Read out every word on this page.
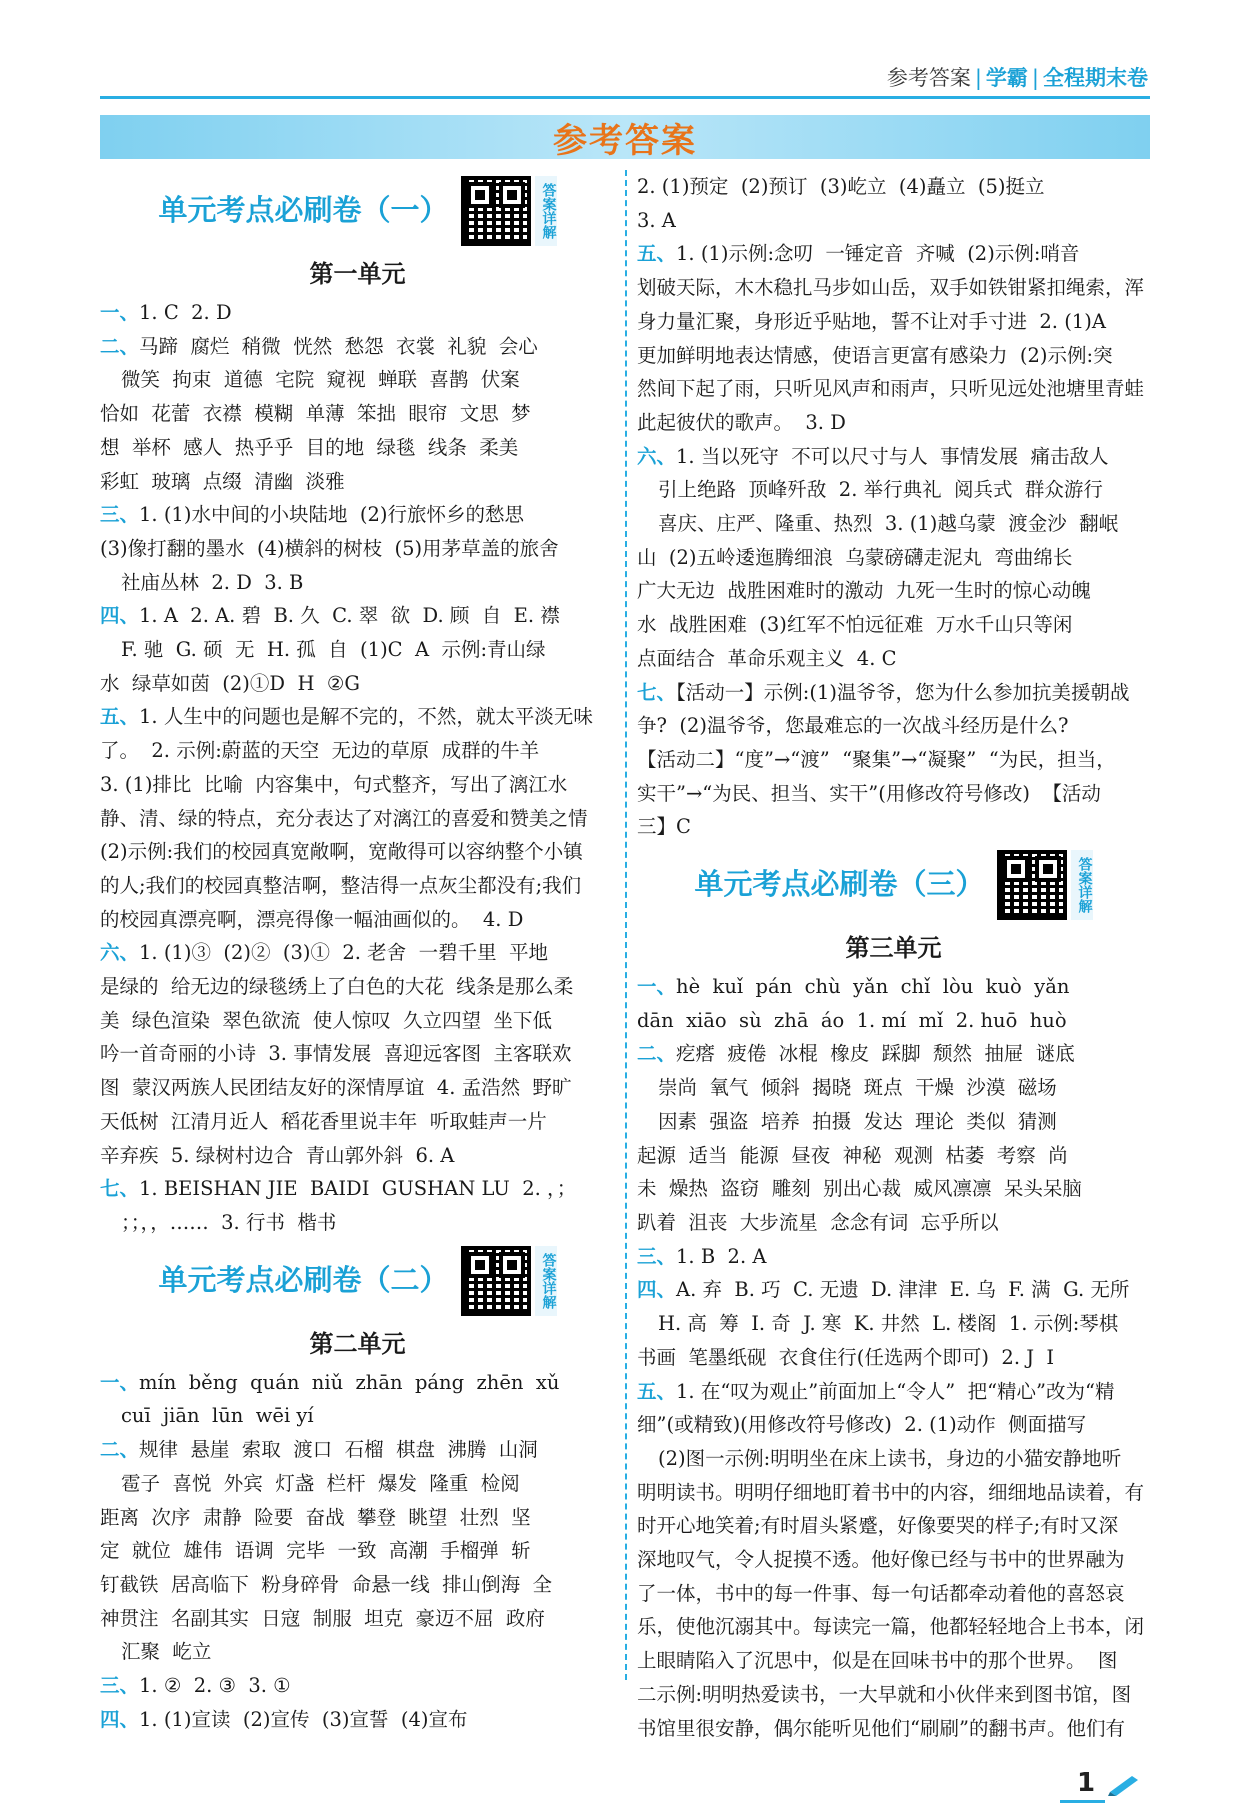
参考答案 | 学霸 | 全程期末卷
参考答案
单元考点必刷卷（一）	答案详解
第一单元
一、1. C  2. D
二、马蹄  腐烂  稍微  恍然  愁怨  衣裳  礼貌  会心
微笑  拘束  道德  宅院  窥视  蝉联  喜鹊  伏案
恰如  花蕾  衣襟  模糊  单薄  笨拙  眼帘  文思  梦
想  举杯  感人  热乎乎  目的地  绿毯  线条  柔美
彩虹  玻璃  点缀  清幽  淡雅
三、1. (1)水中间的小块陆地  (2)行旅怀乡的愁思
(3)像打翻的墨水  (4)横斜的树枝  (5)用茅草盖的旅舍
社庙丛林  2. D  3. B
四、1. A  2. A. 碧  B. 久  C. 翠  欲  D. 顾  自  E. 襟
F. 驰  G. 硕  无  H. 孤  自  (1)C  A  示例:青山绿
水  绿草如茵  (2)①D  H  ②G
五、1. 人生中的问题也是解不完的，不然，就太平淡无味
了。  2. 示例:蔚蓝的天空  无边的草原  成群的牛羊
3. (1)排比  比喻  内容集中，句式整齐，写出了漓江水
静、清、绿的特点，充分表达了对漓江的喜爱和赞美之情
(2)示例:我们的校园真宽敞啊，宽敞得可以容纳整个小镇
的人;我们的校园真整洁啊，整洁得一点灰尘都没有;我们
的校园真漂亮啊，漂亮得像一幅油画似的。  4. D
六、1. (1)③  (2)②  (3)①  2. 老舍  一碧千里  平地
是绿的  给无边的绿毯绣上了白色的大花  线条是那么柔
美  绿色渲染  翠色欲流  使人惊叹  久立四望  坐下低
吟一首奇丽的小诗  3. 事情发展  喜迎远客图  主客联欢
图  蒙汉两族人民团结友好的深情厚谊  4. 孟浩然  野旷
天低树  江清月近人  稻花香里说丰年  听取蛙声一片
辛弃疾  5. 绿树村边合  青山郭外斜  6. A
七、1. BEISHAN JIE  BAIDI  GUSHAN LU  2. ，；
；；，，……  3. 行书  楷书
单元考点必刷卷（二）	答案详解
第二单元
一、mín  běng  quán  niǔ  zhān  páng  zhēn  xǔ
cuī  jiān  lūn  wēi yí
二、规律  悬崖  索取  渡口  石榴  棋盘  沸腾  山洞
雹子  喜悦  外宾  灯盏  栏杆  爆发  隆重  检阅
距离  次序  肃静  险要  奋战  攀登  眺望  壮烈  坚
定  就位  雄伟  语调  完毕  一致  高潮  手榴弹  斩
钉截铁  居高临下  粉身碎骨  命悬一线  排山倒海  全
神贯注  名副其实  日寇  制服  坦克  豪迈不屈  政府
汇聚  屹立
三、1. ②  2. ③  3. ①
四、1. (1)宣读  (2)宣传  (3)宣誓  (4)宣布
2. (1)预定  (2)预订  (3)屹立  (4)矗立  (5)挺立
3. A
五、1. (1)示例:念叨  一锤定音  齐喊  (2)示例:哨音
划破天际，木木稳扎马步如山岳，双手如铁钳紧扣绳索，浑
身力量汇聚，身形近乎贴地，誓不让对手寸进  2. (1)A
更加鲜明地表达情感，使语言更富有感染力  (2)示例:突
然间下起了雨，只听见风声和雨声，只听见远处池塘里青蛙
此起彼伏的歌声。  3. D
六、1. 当以死守  不可以尺寸与人  事情发展  痛击敌人
引上绝路  顶峰歼敌  2. 举行典礼  阅兵式  群众游行
喜庆、庄严、隆重、热烈  3. (1)越乌蒙  渡金沙  翻岷
山  (2)五岭逶迤腾细浪  乌蒙磅礴走泥丸  弯曲绵长
广大无边  战胜困难时的激动  九死一生时的惊心动魄
水  战胜困难  (3)红军不怕远征难  万水千山只等闲
点面结合  革命乐观主义  4. C
七、【活动一】示例:(1)温爷爷，您为什么参加抗美援朝战
争?  (2)温爷爷，您最难忘的一次战斗经历是什么?
【活动二】“度”→“渡”  “聚集”→“凝聚”  “为民，担当，
实干”→“为民、担当、实干”(用修改符号修改)  【活动
三】C
单元考点必刷卷（三）	答案详解
第三单元
一、hè  kuǐ  pán  chù  yǎn  chǐ  lòu  kuò  yǎn
dān  xiāo  sù  zhā  áo  1. mí  mǐ  2. huō  huò
二、疙瘩  疲倦  冰棍  橡皮  踩脚  颓然  抽屉  谜底
崇尚  氧气  倾斜  揭晓  斑点  干燥  沙漠  磁场
因素  强盗  培养  拍摄  发达  理论  类似  猜测
起源  适当  能源  昼夜  神秘  观测  枯萎  考察  尚
未  燥热  盗窃  雕刻  别出心裁  威风凛凛  呆头呆脑
趴着  沮丧  大步流星  念念有词  忘乎所以
三、1. B  2. A
四、A. 弃  B. 巧  C. 无遗  D. 津津  E. 乌  F. 满  G. 无所
H. 高  筹  I. 奇  J. 寒  K. 井然  L. 楼阁  1. 示例:琴棋
书画  笔墨纸砚  衣食住行(任选两个即可)  2. J  I
五、1. 在“叹为观止”前面加上“令人”  把“精心”改为“精
细”(或精致)(用修改符号修改)  2. (1)动作  侧面描写
(2)图一示例:明明坐在床上读书，身边的小猫安静地听
明明读书。明明仔细地盯着书中的内容，细细地品读着，有
时开心地笑着;有时眉头紧蹙，好像要哭的样子;有时又深
深地叹气，令人捉摸不透。他好像已经与书中的世界融为
了一体，书中的每一件事、每一句话都牵动着他的喜怒哀
乐，使他沉溺其中。每读完一篇，他都轻轻地合上书本，闭
上眼睛陷入了沉思中，似是在回味书中的那个世界。  图
二示例:明明热爱读书，一大早就和小伙伴来到图书馆，图
书馆里很安静，偶尔能听见他们“刷刷”的翻书声。他们有
1
